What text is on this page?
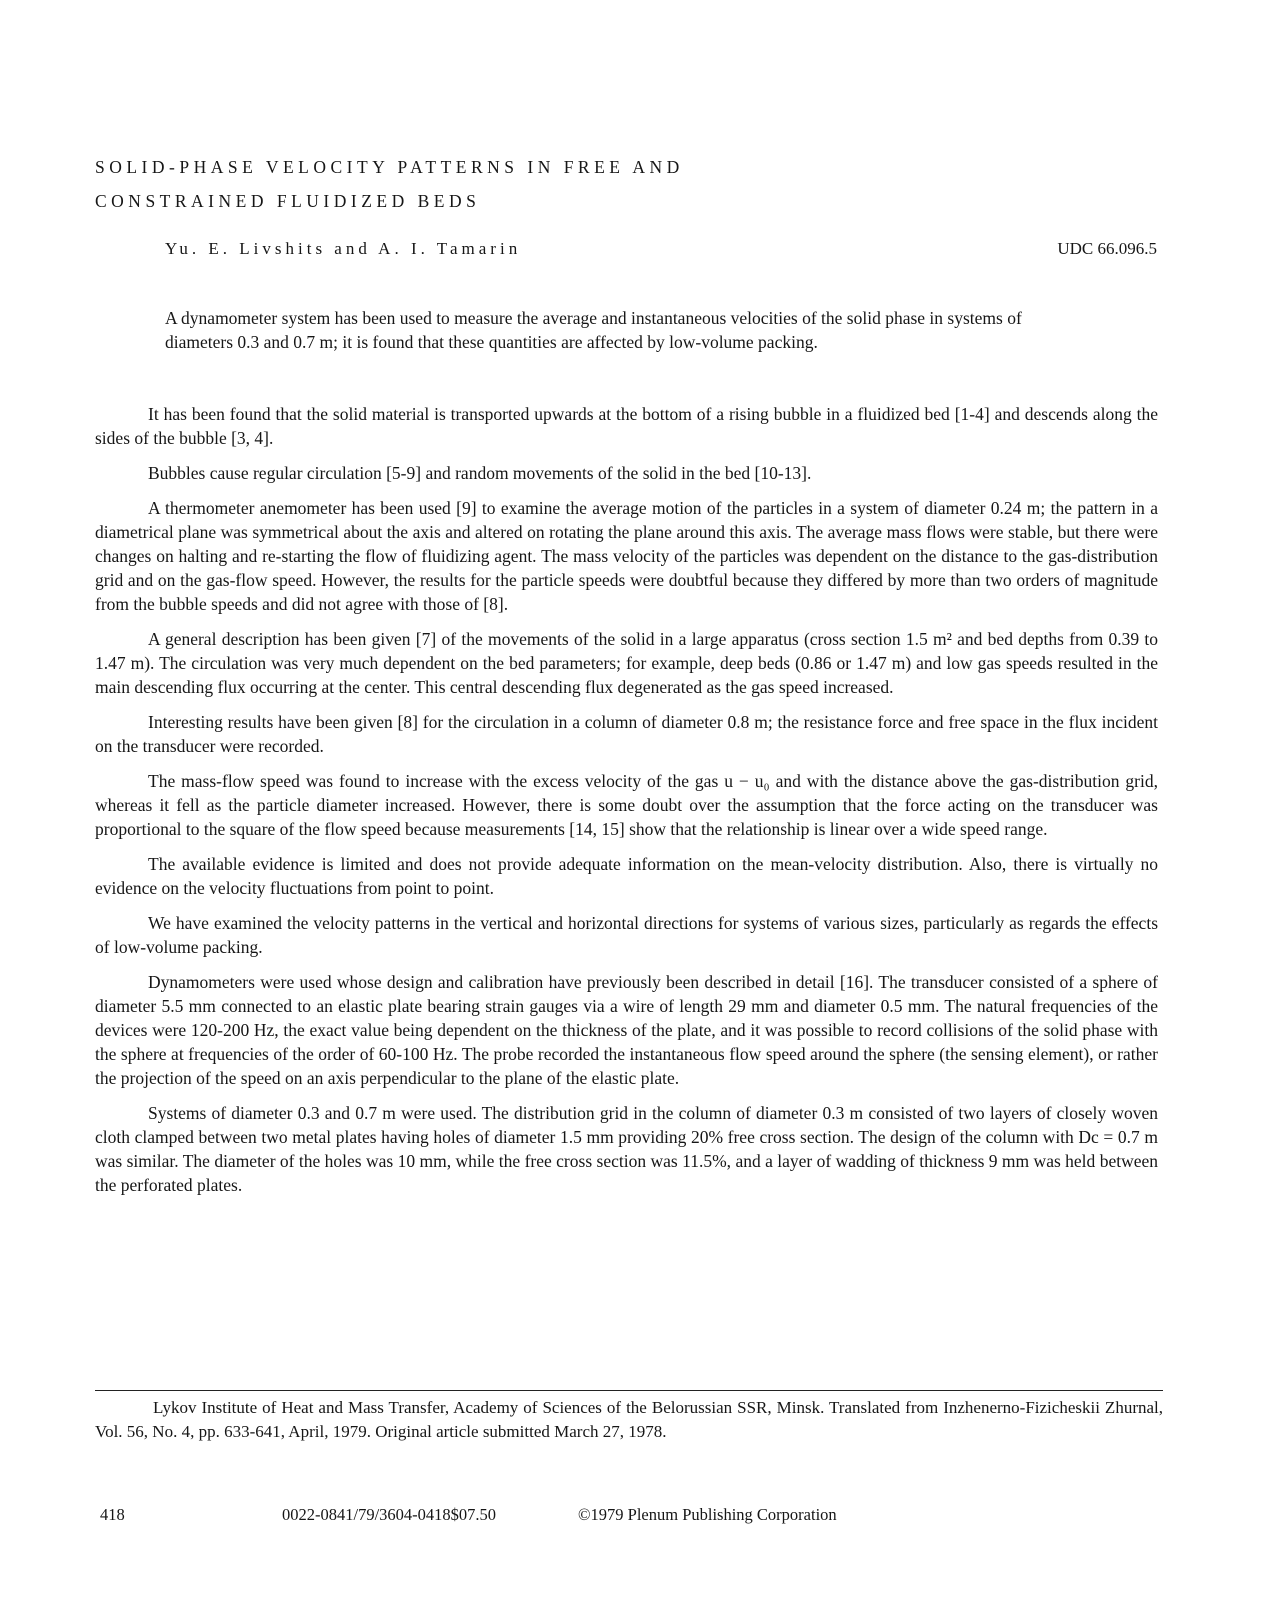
SOLID-PHASE VELOCITY PATTERNS IN FREE AND
CONSTRAINED FLUIDIZED BEDS
Yu. E. Livshits and A. I. Tamarin	UDC 66.096.5

A dynamometer system has been used to measure the average and instantaneous velocities of the solid phase in systems of diameters 0.3 and 0.7 m; it is found that these quantities are affected by low-volume packing.

It has been found that the solid material is transported upwards at the bottom of a rising bubble in a fluidized bed [1-4] and descends along the sides of the bubble [3, 4].

Bubbles cause regular circulation [5-9] and random movements of the solid in the bed [10-13].

A thermometer anemometer has been used [9] to examine the average motion of the particles in a system of diameter 0.24 m; the pattern in a diametrical plane was symmetrical about the axis and altered on rotating the plane around this axis. The average mass flows were stable, but there were changes on halting and re-starting the flow of fluidizing agent. The mass velocity of the particles was dependent on the distance to the gas-distribution grid and on the gas-flow speed. However, the results for the particle speeds were doubtful because they differed by more than two orders of magnitude from the bubble speeds and did not agree with those of [8].

A general description has been given [7] of the movements of the solid in a large apparatus (cross section 1.5 m² and bed depths from 0.39 to 1.47 m). The circulation was very much dependent on the bed parameters; for example, deep beds (0.86 or 1.47 m) and low gas speeds resulted in the main descending flux occurring at the center. This central descending flux degenerated as the gas speed increased.

Interesting results have been given [8] for the circulation in a column of diameter 0.8 m; the resistance force and free space in the flux incident on the transducer were recorded.

The mass-flow speed was found to increase with the excess velocity of the gas u − u₀ and with the distance above the gas-distribution grid, whereas it fell as the particle diameter increased. However, there is some doubt over the assumption that the force acting on the transducer was proportional to the square of the flow speed because measurements [14, 15] show that the relationship is linear over a wide speed range.

The available evidence is limited and does not provide adequate information on the mean-velocity distribution. Also, there is virtually no evidence on the velocity fluctuations from point to point.

We have examined the velocity patterns in the vertical and horizontal directions for systems of various sizes, particularly as regards the effects of low-volume packing.

Dynamometers were used whose design and calibration have previously been described in detail [16]. The transducer consisted of a sphere of diameter 5.5 mm connected to an elastic plate bearing strain gauges via a wire of length 29 mm and diameter 0.5 mm. The natural frequencies of the devices were 120-200 Hz, the exact value being dependent on the thickness of the plate, and it was possible to record collisions of the solid phase with the sphere at frequencies of the order of 60-100 Hz. The probe recorded the instantaneous flow speed around the sphere (the sensing element), or rather the projection of the speed on an axis perpendicular to the plane of the elastic plate.

Systems of diameter 0.3 and 0.7 m were used. The distribution grid in the column of diameter 0.3 m consisted of two layers of closely woven cloth clamped between two metal plates having holes of diameter 1.5 mm providing 20% free cross section. The design of the column with Dc = 0.7 m was similar. The diameter of the holes was 10 mm, while the free cross section was 11.5%, and a layer of wadding of thickness 9 mm was held between the perforated plates.

Lykov Institute of Heat and Mass Transfer, Academy of Sciences of the Belorussian SSR, Minsk. Translated from Inzhenerno-Fizicheskii Zhurnal, Vol. 56, No. 4, pp. 633-641, April, 1979. Original article submitted March 27, 1978.

418	0022-0841/79/3604-0418$07.50	©1979 Plenum Publishing Corporation
